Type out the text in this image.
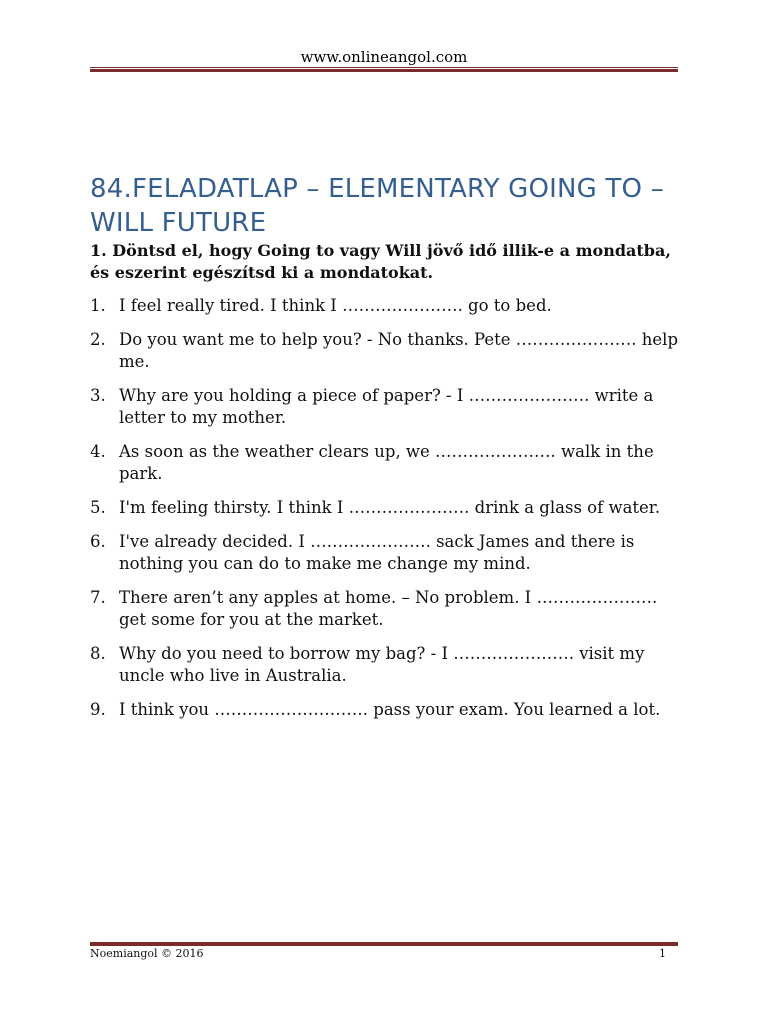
www.onlineangol.com
84.FELADATLAP – ELEMENTARY GOING TO – WILL FUTURE
1. Döntsd el, hogy Going to vagy Will jövő idő illik-e a mondatba, és eszerint egészítsd ki a mondatokat.
1. I feel really tired. I think I …………………. go to bed.
2. Do you want me to help you? - No thanks. Pete …………………. help me.
3. Why are you holding a piece of paper? - I …………………. write a letter to my mother.
4. As soon as the weather clears up, we …………………. walk in the park.
5. I'm feeling thirsty. I think I …………………. drink a glass of water.
6. I've already decided. I …………………. sack James and there is nothing you can do to make me change my mind.
7. There aren’t any apples at home. – No problem. I …………………. get some for you at the market.
8. Why do you need to borrow my bag? - I …………………. visit my uncle who live in Australia.
9. I think you ………………………. pass your exam. You learned a lot.
Noemiangol © 2016	1
